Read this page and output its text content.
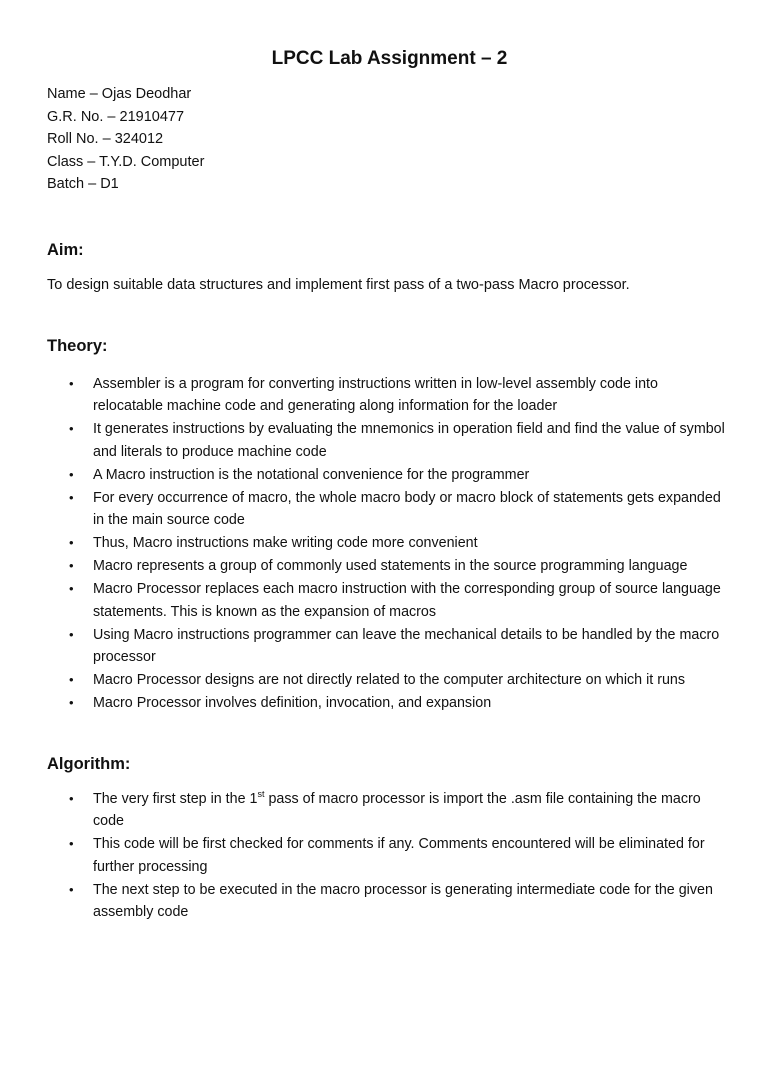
LPCC Lab Assignment – 2
Name – Ojas Deodhar
G.R. No. – 21910477
Roll No. – 324012
Class – T.Y.D. Computer
Batch – D1
Aim:
To design suitable data structures and implement first pass of a two-pass Macro processor.
Theory:
• Assembler is a program for converting instructions written in low-level assembly code into relocatable machine code and generating along information for the loader
• It generates instructions by evaluating the mnemonics in operation field and find the value of symbol and literals to produce machine code
• A Macro instruction is the notational convenience for the programmer
• For every occurrence of macro, the whole macro body or macro block of statements gets expanded in the main source code
• Thus, Macro instructions make writing code more convenient
• Macro represents a group of commonly used statements in the source programming language
• Macro Processor replaces each macro instruction with the corresponding group of source language statements. This is known as the expansion of macros
• Using Macro instructions programmer can leave the mechanical details to be handled by the macro processor
• Macro Processor designs are not directly related to the computer architecture on which it runs
• Macro Processor involves definition, invocation, and expansion
Algorithm:
• The very first step in the 1st pass of macro processor is import the .asm file containing the macro code
• This code will be first checked for comments if any. Comments encountered will be eliminated for further processing
• The next step to be executed in the macro processor is generating intermediate code for the given assembly code
